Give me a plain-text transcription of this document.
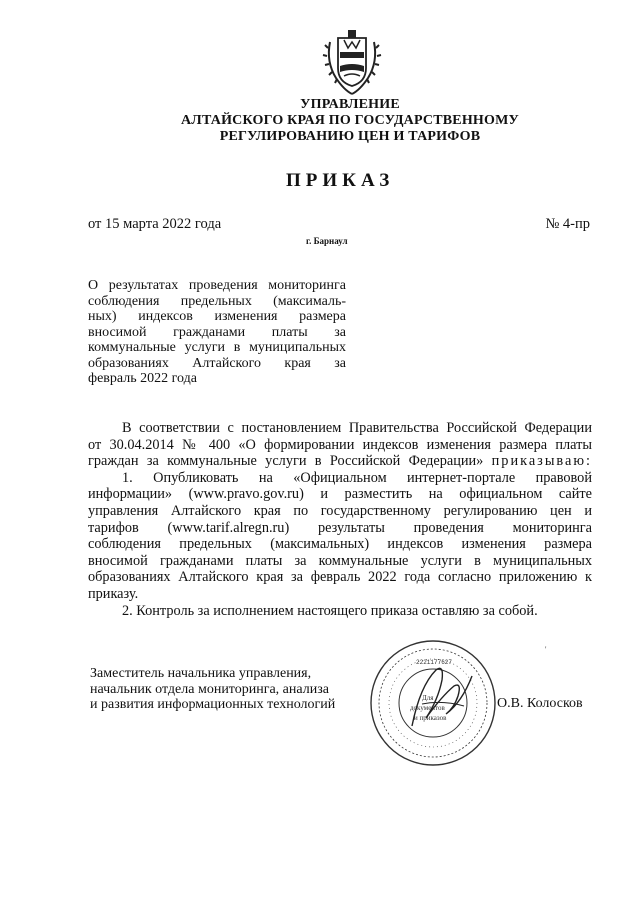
УПРАВЛЕНИЕ
АЛТАЙСКОГО КРАЯ ПО ГОСУДАРСТВЕННОМУ
РЕГУЛИРОВАНИЮ ЦЕН И ТАРИФОВ
ПРИКАЗ
от 15 марта 2022 года	№ 4-пр
г. Барнаул
О результатах проведения мониторинга
соблюдения предельных (максималь-
ных) индексов изменения размера
вносимой гражданами платы за
коммунальные услуги в муниципальных
образованиях Алтайского края за
февраль 2022 года
В соответствии с постановлением Правительства Российской Федерации
от 30.04.2014 № 400 «О формировании индексов изменения размера платы
граждан за коммунальные услуги в Российской Федерации» приказываю:
1. Опубликовать на «Официальном интернет-портале правовой
информации» (www.pravo.gov.ru) и разместить на официальном сайте
управления Алтайского края по государственному регулированию цен и
тарифов (www.tarif.alregn.ru) результаты проведения мониторинга
соблюдения предельных (максимальных) индексов изменения размера
вносимой гражданами платы за коммунальные услуги в муниципальных
образованиях Алтайского края за февраль 2022 года согласно приложению к
приказу.
2. Контроль за исполнением настоящего приказа оставляю за собой.
Заместитель начальника управления,
начальник отдела мониторинга, анализа
и развития информационных технологий	Для
документов
и приказов
2221177627
'
О.В. Колосков
